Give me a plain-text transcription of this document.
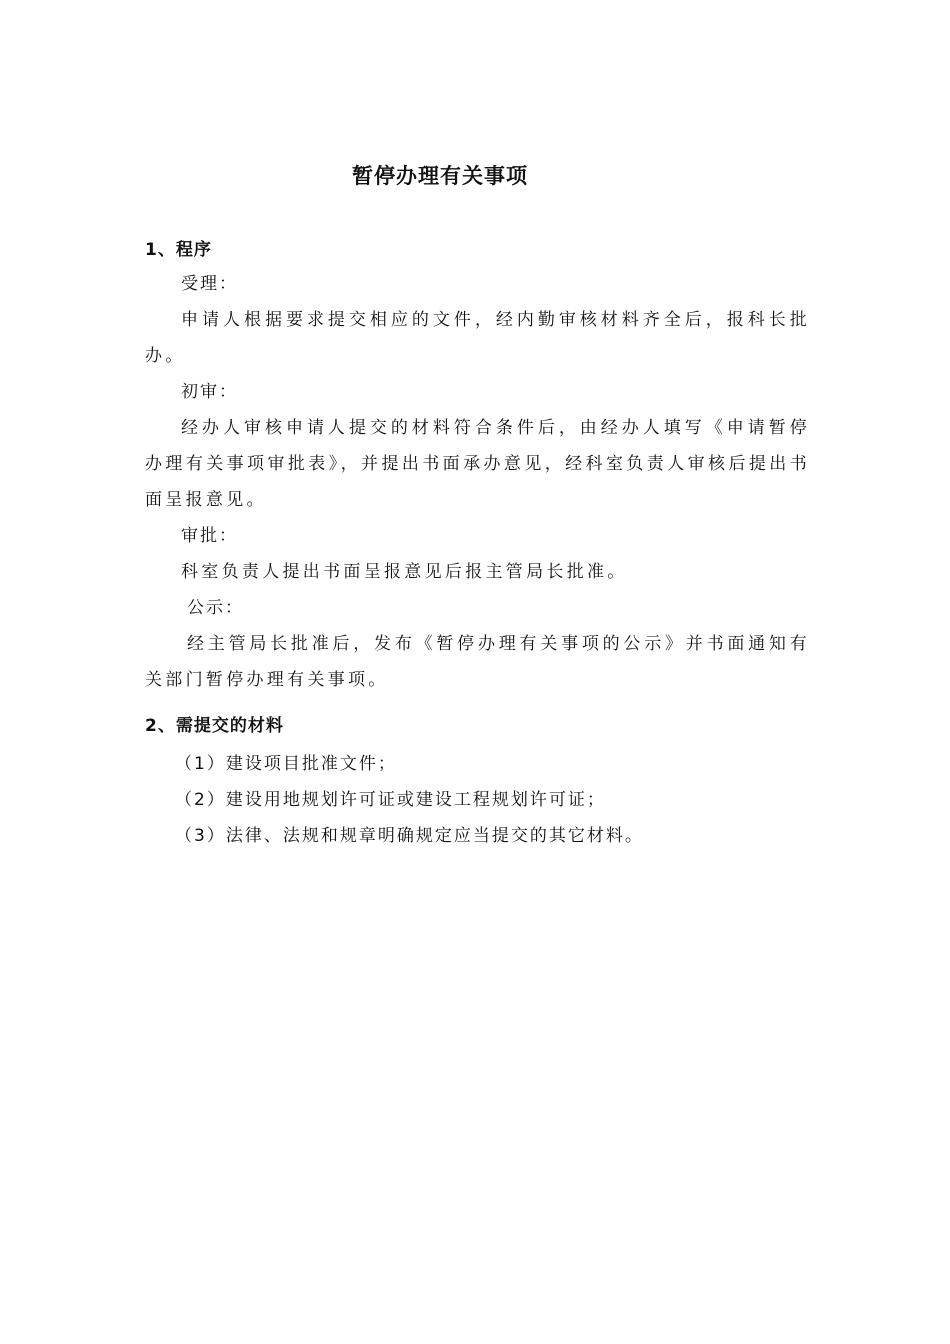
暂停办理有关事项
1、程序
受理：

申请人根据要求提交相应的文件，经内勤审核材料齐全后，报科长批办。

初审：

经办人审核申请人提交的材料符合条件后，由经办人填写《申请暂停办理有关事项审批表》，并提出书面承办意见，经科室负责人审核后提出书面呈报意见。

审批：

科室负责人提出书面呈报意见后报主管局长批准。

公示：

经主管局长批准后，发布《暂停办理有关事项的公示》并书面通知有关部门暂停办理有关事项。

2、需提交的材料

（1）建设项目批准文件；

（2）建设用地规划许可证或建设工程规划许可证；

（3）法律、法规和规章明确规定应当提交的其它材料。
